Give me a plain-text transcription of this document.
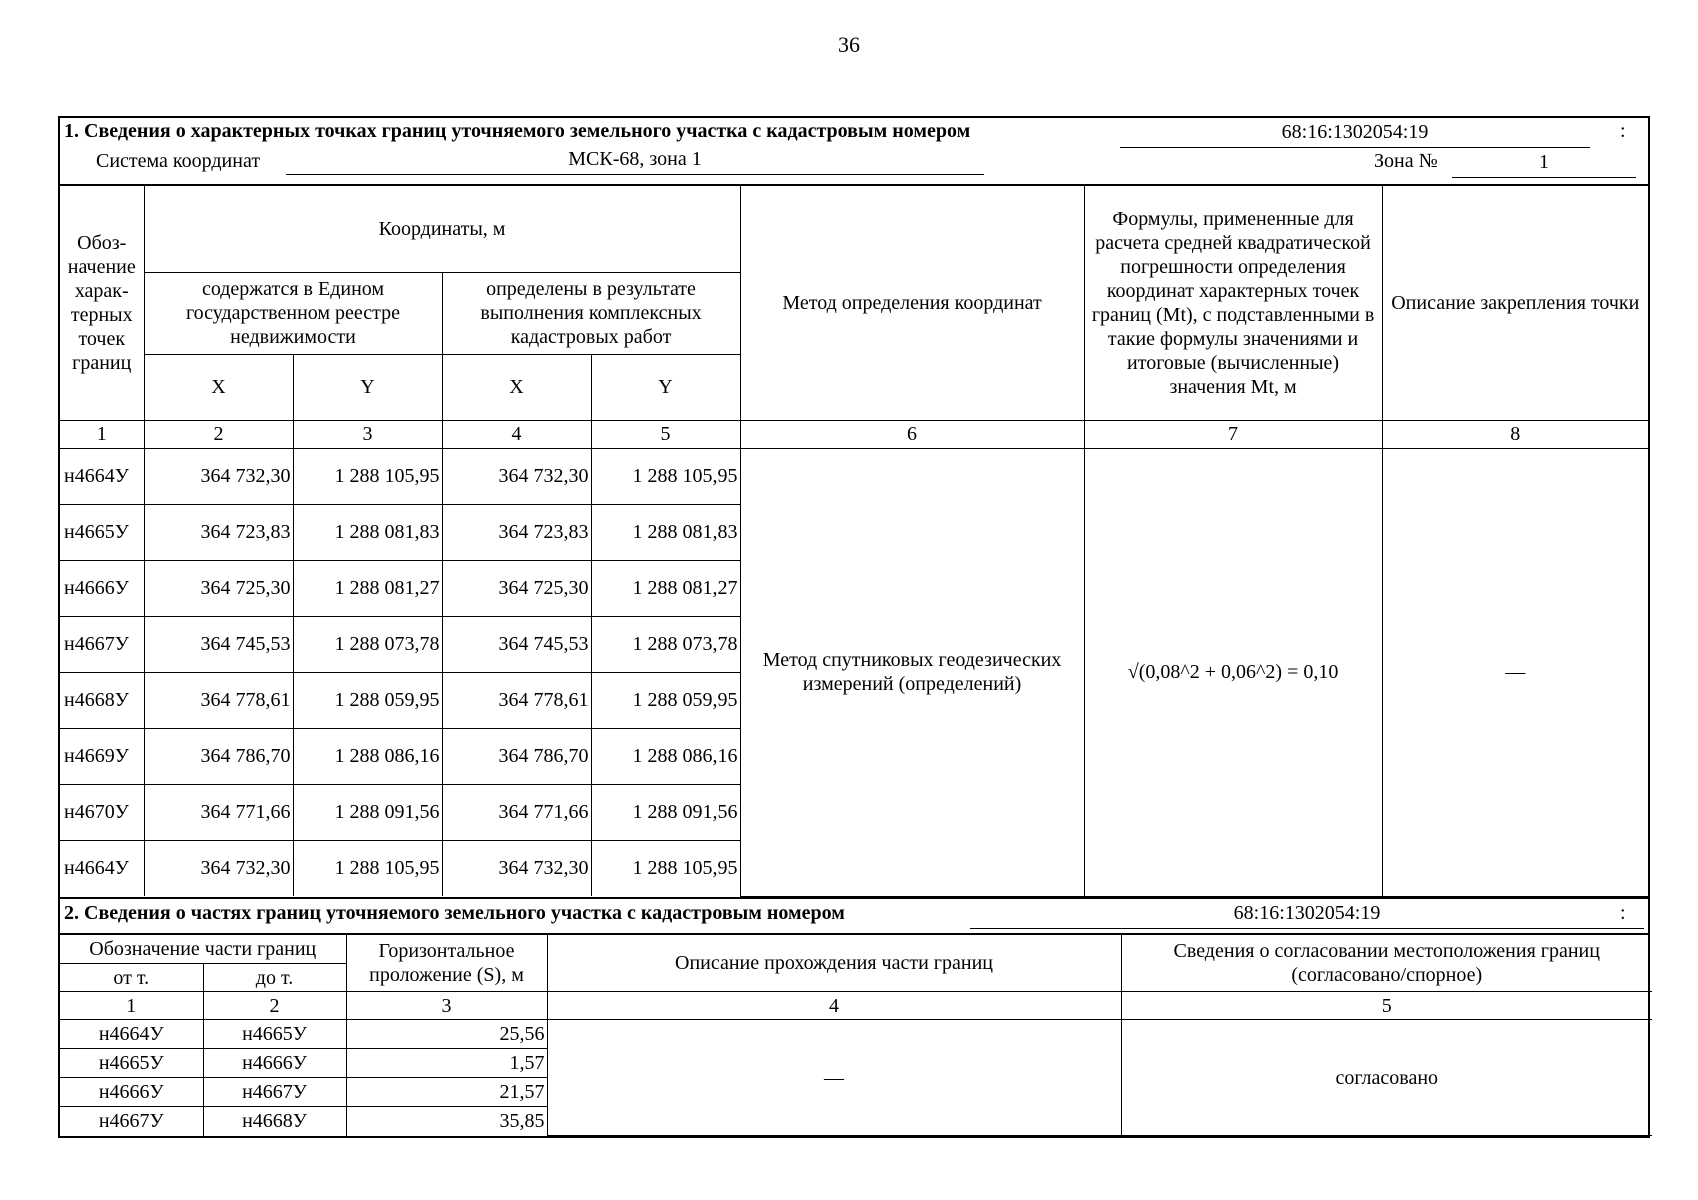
36
1. Сведения о характерных точках границ уточняемого земельного участка с кадастровым номером	68:16:1302054:19	:
Система координат	МСК-68, зона 1	Зона №	1
Обоз-начение харак-терных точек границ	Координаты, м				Метод определения координат	Формулы, примененные для расчета средней квадратической погрешности определения координат характерных точек границ (Mt), с подставленными в такие формулы значениями и итоговые (вычисленные) значения Mt, м	Описание закрепления точки
	содержатся в Едином государственном реестре недвижимости		определены в результате выполнения комплексных кадастровых работ				
	X	Y	X	Y			
1	2	3	4	5	6	7	8
н4664У	364 732,30	1 288 105,95	364 732,30	1 288 105,95	Метод спутниковых геодезических измерений (определений)	√(0,08^2 + 0,06^2) = 0,10	—
н4665У	364 723,83	1 288 081,83	364 723,83	1 288 081,83			
н4666У	364 725,30	1 288 081,27	364 725,30	1 288 081,27			
н4667У	364 745,53	1 288 073,78	364 745,53	1 288 073,78			
н4668У	364 778,61	1 288 059,95	364 778,61	1 288 059,95			
н4669У	364 786,70	1 288 086,16	364 786,70	1 288 086,16			
н4670У	364 771,66	1 288 091,56	364 771,66	1 288 091,56			
н4664У	364 732,30	1 288 105,95	364 732,30	1 288 105,95			
2. Сведения о частях границ уточняемого земельного участка с кадастровым номером	68:16:1302054:19	:
Обозначение части границ		Горизонтальное проложение (S), м	Описание прохождения части границ	Сведения о согласовании местоположения границ (согласовано/спорное)
от т.	до т.			
1	2	3	4	5
н4664У	н4665У	25,56	—	согласовано
н4665У	н4666У	1,57		
н4666У	н4667У	21,57		
н4667У	н4668У	35,85		
